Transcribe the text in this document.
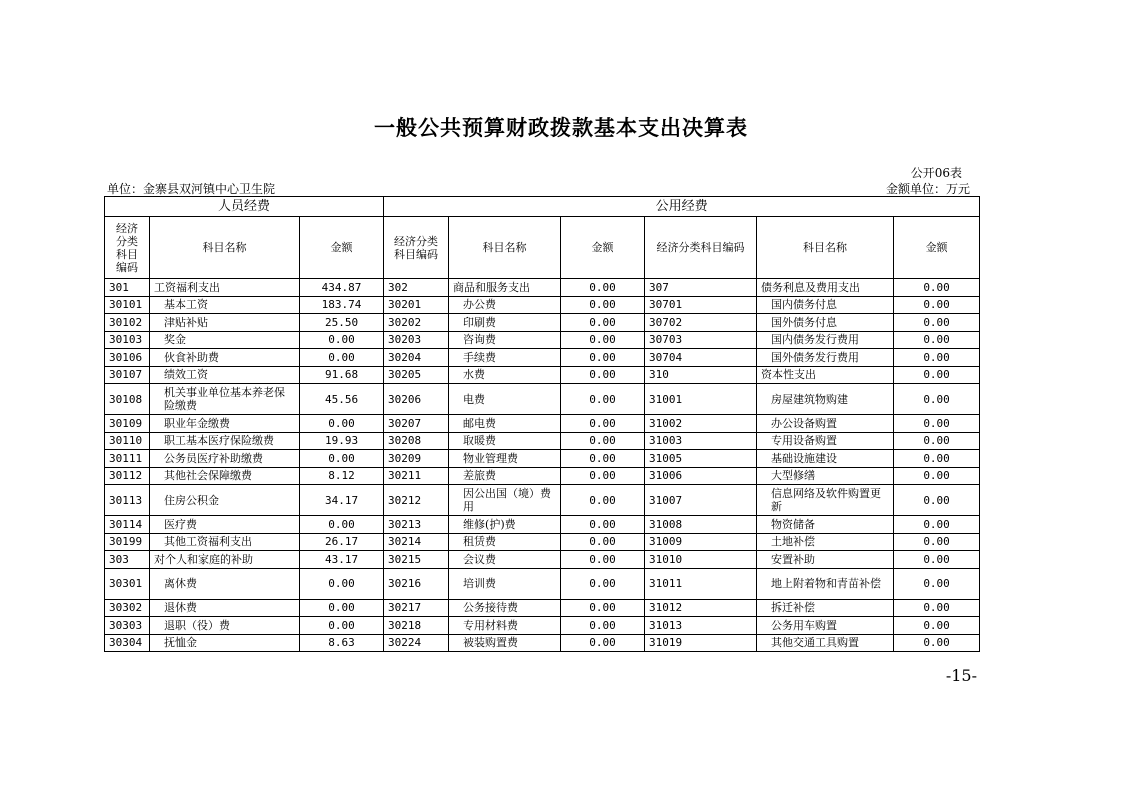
一般公共预算财政拨款基本支出决算表
公开06表
单位：金寨县双河镇中心卫生院	金额单位：万元
人员经费			公用经费					
经济分类科目编码	科目名称	金额	经济分类科目编码	科目名称	金额	经济分类科目编码	科目名称	金额
301	工资福利支出	434.87	302	商品和服务支出	0.00	307	债务利息及费用支出	0.00
30101	基本工资	183.74	30201	办公费	0.00	30701	国内债务付息	0.00
30102	津贴补贴	25.50	30202	印刷费	0.00	30702	国外债务付息	0.00
30103	奖金	0.00	30203	咨询费	0.00	30703	国内债务发行费用	0.00
30106	伙食补助费	0.00	30204	手续费	0.00	30704	国外债务发行费用	0.00
30107	绩效工资	91.68	30205	水费	0.00	310	资本性支出	0.00
30108	机关事业单位基本养老保险缴费	45.56	30206	电费	0.00	31001	房屋建筑物购建	0.00
30109	职业年金缴费	0.00	30207	邮电费	0.00	31002	办公设备购置	0.00
30110	职工基本医疗保险缴费	19.93	30208	取暖费	0.00	31003	专用设备购置	0.00
30111	公务员医疗补助缴费	0.00	30209	物业管理费	0.00	31005	基础设施建设	0.00
30112	其他社会保障缴费	8.12	30211	差旅费	0.00	31006	大型修缮	0.00
30113	住房公积金	34.17	30212	因公出国（境）费用	0.00	31007	信息网络及软件购置更新	0.00
30114	医疗费	0.00	30213	维修(护)费	0.00	31008	物资储备	0.00
30199	其他工资福利支出	26.17	30214	租赁费	0.00	31009	土地补偿	0.00
303	对个人和家庭的补助	43.17	30215	会议费	0.00	31010	安置补助	0.00
30301	离休费	0.00	30216	培训费	0.00	31011	地上附着物和青苗补偿	0.00
30302	退休费	0.00	30217	公务接待费	0.00	31012	拆迁补偿	0.00
30303	退职（役）费	0.00	30218	专用材料费	0.00	31013	公务用车购置	0.00
30304	抚恤金	8.63	30224	被装购置费	0.00	31019	其他交通工具购置	0.00
-15-
